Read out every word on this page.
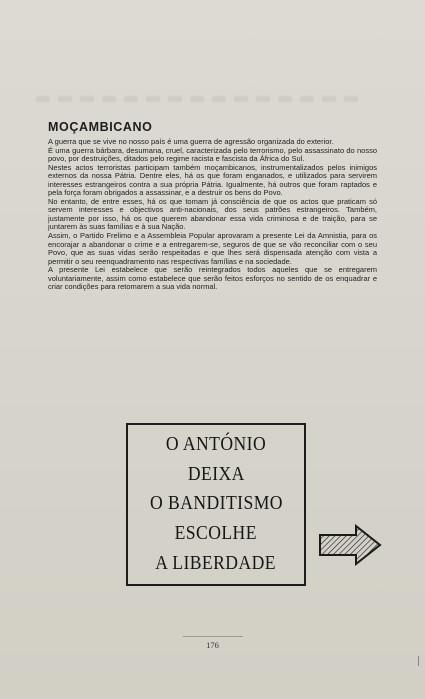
MOÇAMBICANO

A guerra que se vive no nosso país é uma guerra de agressão organizada do exterior.

É uma guerra bárbara, desumana, cruel, caracterizada pelo terrorismo, pelo assassinato do nosso povo, por destruições, ditados pelo regime racista e fascista da África do Sul.

Nestes actos terroristas participam também moçambicanos, instrumentalizados pelos inimigos externos da nossa Pátria. Dentre eles, há os que foram enganados, e utilizados para servirem interesses estrangeiros contra a sua própria Pátria. Igualmente, há outros que foram raptados e pela força foram obrigados a assassinar, e a destruir os bens do Povo.

No entanto, de entre esses, há os que tomam já consciência de que os actos que praticam só servem interesses e objectivos anti-nacionais, dos seus patrões estrangeiros. Também, justamente por isso, há os que querem abandonar essa vida criminosa e de traição, para se juntarem às suas famílias e à sua Nação.

Assim, o Partido Frelimo e a Assembleia Popular aprovaram a presente Lei da Amnistia, para os encorajar a abandonar o crime e a entregarem-se, seguros de que se vão reconciliar com o seu Povo, que as suas vidas serão respeitadas e que lhes será dispensada atenção com vista a permitir o seu reenquadramento nas respectivas famílias e na sociedade.

A presente Lei estabelece que serão reintegrados todos aqueles que se entregarem voluntariamente, assim como estabelece que serão feitos esforços no sentido de os enquadrar e criar condições para retomarem a sua vida normal.

O ANTÓNIO
DEIXA
O BANDITISMO
ESCOLHE
A LIBERDADE
176
